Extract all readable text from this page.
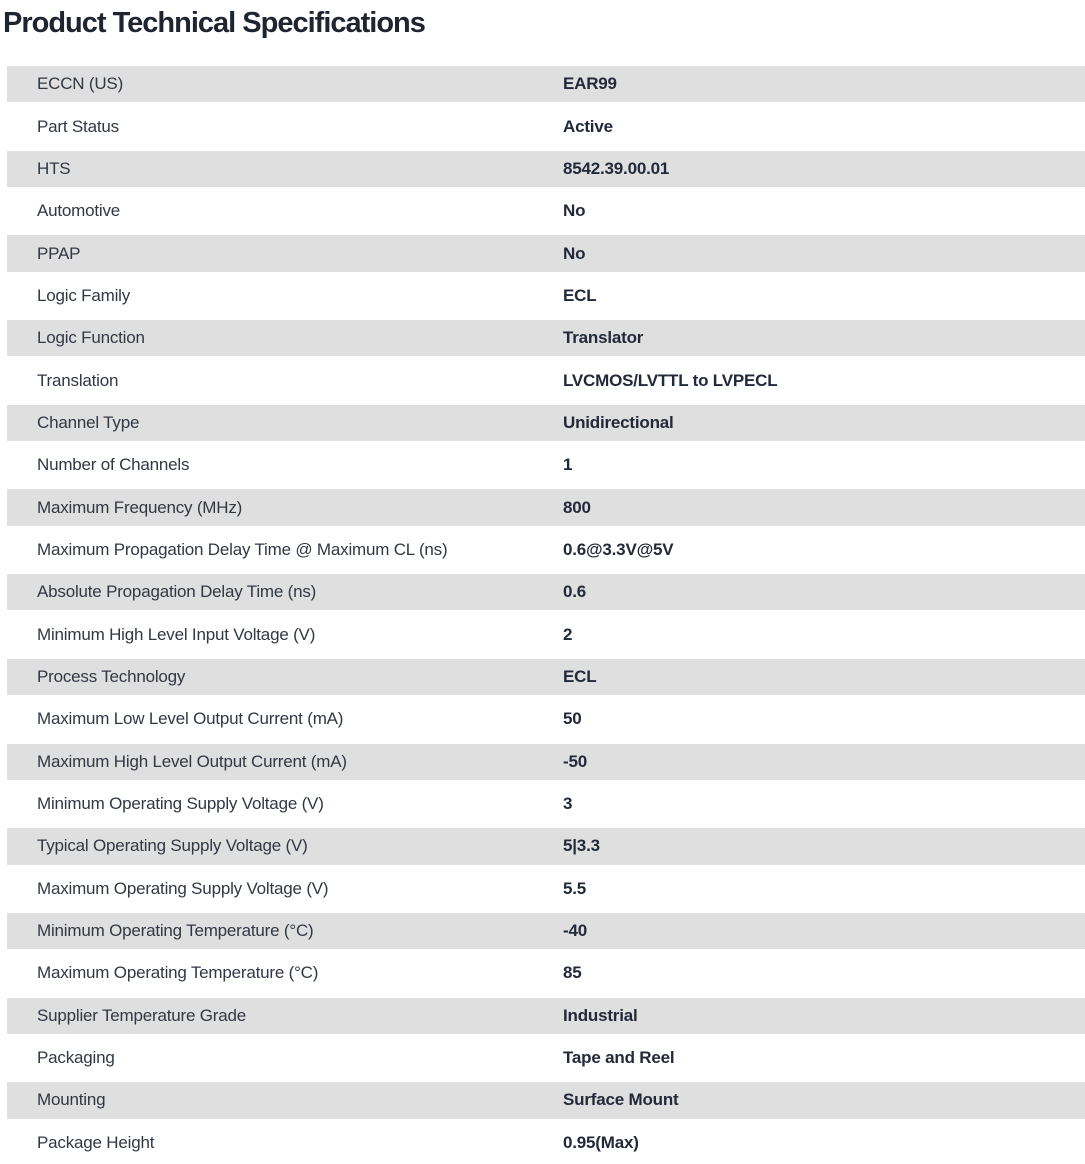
Product Technical Specifications
ECCN (US)	EAR99
Part Status	Active
HTS	8542.39.00.01
Automotive	No
PPAP	No
Logic Family	ECL
Logic Function	Translator
Translation	LVCMOS/LVTTL to LVPECL
Channel Type	Unidirectional
Number of Channels	1
Maximum Frequency (MHz)	800
Maximum Propagation Delay Time @ Maximum CL (ns)	0.6@3.3V@5V
Absolute Propagation Delay Time (ns)	0.6
Minimum High Level Input Voltage (V)	2
Process Technology	ECL
Maximum Low Level Output Current (mA)	50
Maximum High Level Output Current (mA)	-50
Minimum Operating Supply Voltage (V)	3
Typical Operating Supply Voltage (V)	5|3.3
Maximum Operating Supply Voltage (V)	5.5
Minimum Operating Temperature (°C)	-40
Maximum Operating Temperature (°C)	85
Supplier Temperature Grade	Industrial
Packaging	Tape and Reel
Mounting	Surface Mount
Package Height	0.95(Max)
